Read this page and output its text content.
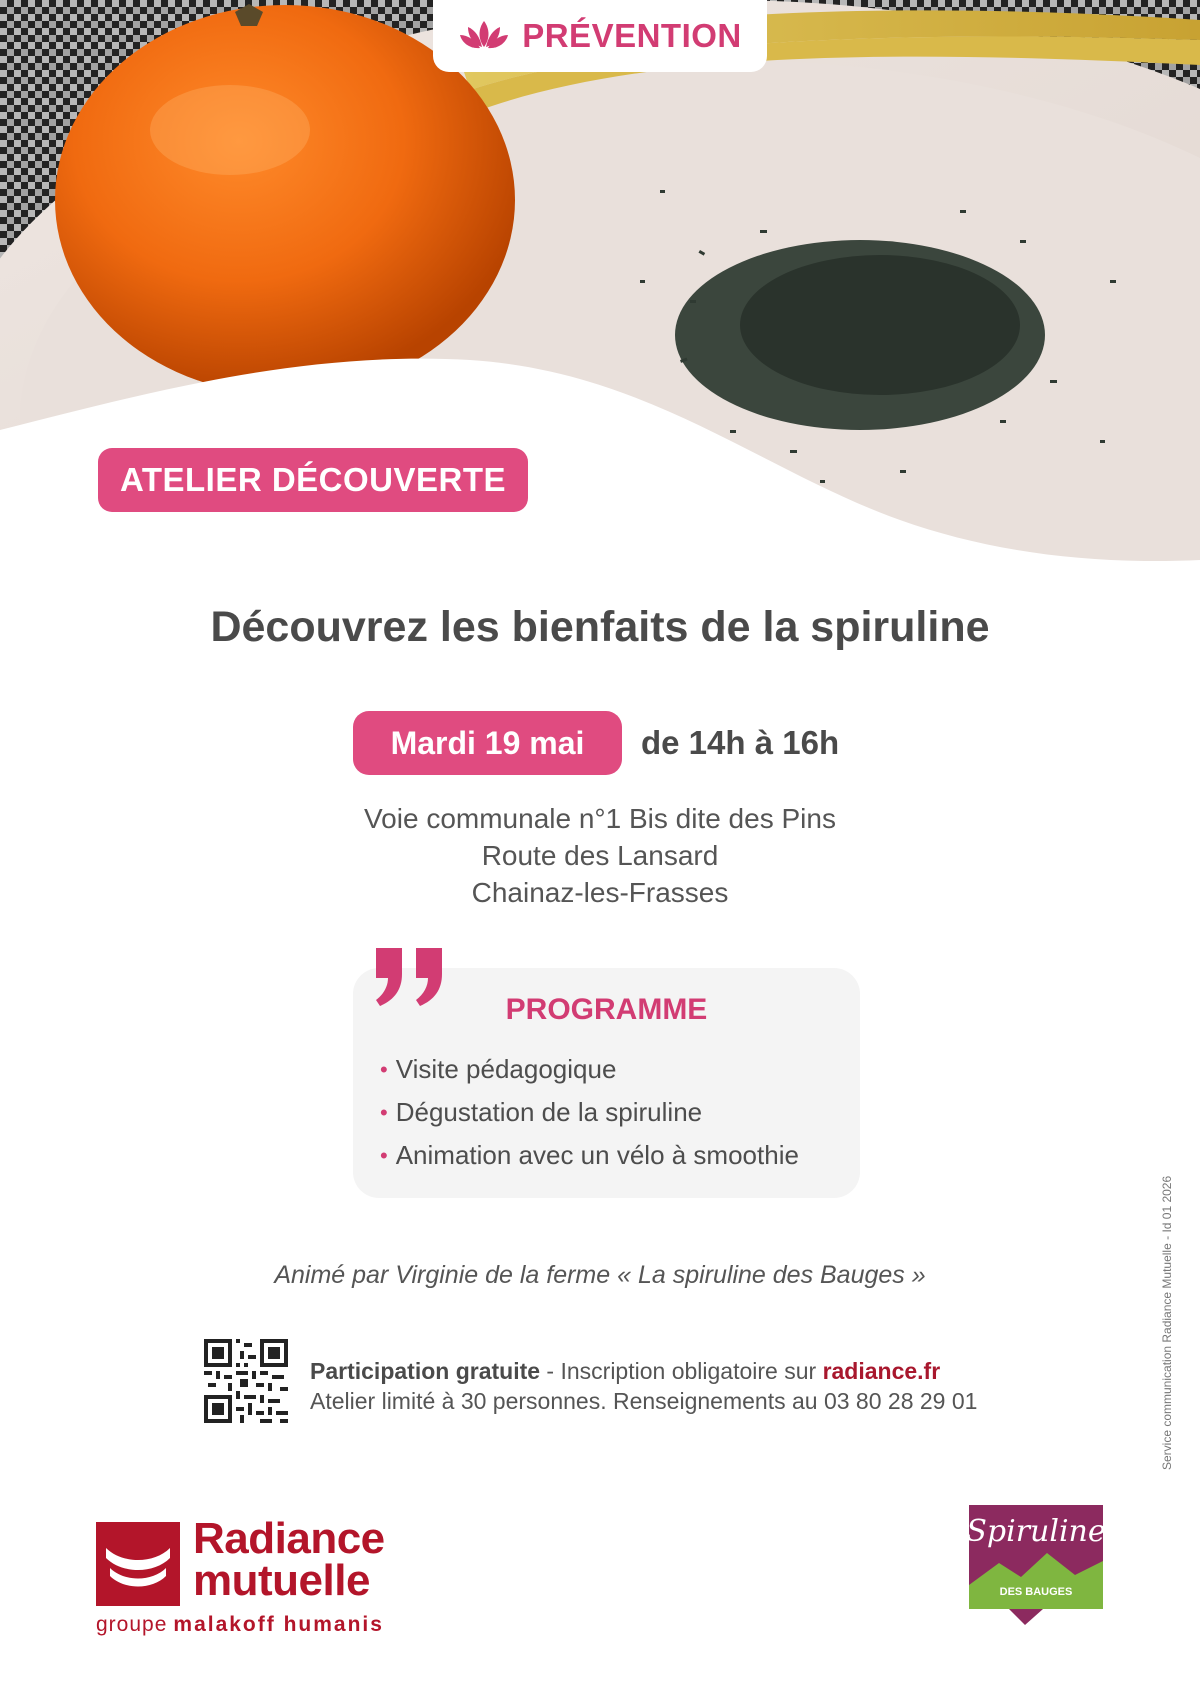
PRÉVENTION
ATELIER DÉCOUVERTE
Découvrez les bienfaits de la spiruline
Mardi 19 mai	de 14h à 16h
Voie communale n°1 Bis dite des Pins
Route des Lansard
Chainaz-les-Frasses
PROGRAMME
• Visite pédagogique
• Dégustation de la spiruline
• Animation avec un vélo à smoothie
Animé par Virginie de la ferme « La spiruline des Bauges »
Participation gratuite - Inscription obligatoire sur radiance.fr
Atelier limité à 30 personnes. Renseignements au 03 80 28 29 01	Service communication Radiance Mutuelle - Id 01 2026
Radiance
mutuelle
groupe malakoff humanis
Spiruline
DES BAUGES
